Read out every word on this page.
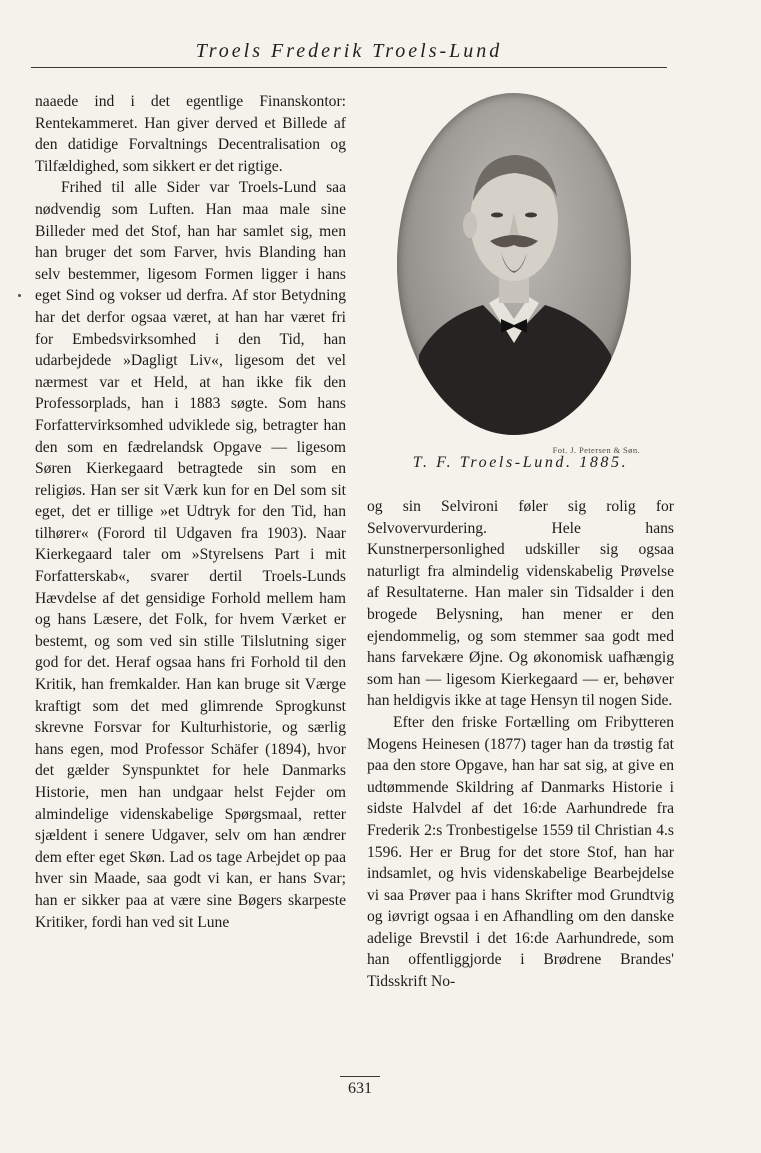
Troels Frederik Troels-Lund

naaede ind i det egentlige Finanskontor: Rentekammeret. Han giver derved et Billede af den datidige Forvaltnings Decentralisation og Tilfældighed, som sikkert er det rigtige.

Frihed til alle Sider var Troels-Lund saa nødvendig som Luften. Han maa male sine Billeder med det Stof, han har samlet sig, men han bruger det som Farver, hvis Blanding han selv bestemmer, ligesom Formen ligger i hans eget Sind og vokser ud derfra. Af stor Betydning har det derfor ogsaa været, at han har været fri for Embedsvirksomhed i den Tid, han udarbejdede »Dagligt Liv«, ligesom det vel nærmest var et Held, at han ikke fik den Professorplads, han i 1883 søgte. Som hans Forfattervirksomhed udviklede sig, betragter han den som en fædrelandsk Opgave — ligesom Søren Kierkegaard betragtede sin som en religiøs. Han ser sit Værk kun for en Del som sit eget, det er tillige »et Udtryk for den Tid, han tilhører« (Forord til Udgaven fra 1903). Naar Kierkegaard taler om »Styrelsens Part i mit Forfatterskab«, svarer dertil Troels-Lunds Hævdelse af det gensidige Forhold mellem ham og hans Læsere, det Folk, for hvem Værket er bestemt, og som ved sin stille Tilslutning siger god for det. Heraf ogsaa hans fri Forhold til den Kritik, han fremkalder. Han kan bruge sit Værge kraftigt som det med glimrende Sprogkunst skrevne Forsvar for Kulturhistorie, og særlig hans egen, mod Professor Schäfer (1894), hvor det gælder Synspunktet for hele Danmarks Historie, men han undgaar helst Fejder om almindelige videnskabelige Spørgsmaal, retter sjældent i senere Udgaver, selv om han ændrer dem efter eget Skøn. Lad os tage Arbejdet op paa hver sin Maade, saa godt vi kan, er hans Svar; han er sikker paa at være sine Bøgers skarpeste Kritiker, fordi han ved sit Lune

Fot. J. Petersen & Søn.
T. F. Troels-Lund. 1885.

og sin Selvironi føler sig rolig for Selvovervurdering. Hele hans Kunstnerpersonlighed udskiller sig ogsaa naturligt fra almindelig videnskabelig Prøvelse af Resultaterne. Han maler sin Tidsalder i den brogede Belysning, han mener er den ejendommelig, og som stemmer saa godt med hans farvekære Øjne. Og økonomisk uafhængig som han — ligesom Kierkegaard — er, behøver han heldigvis ikke at tage Hensyn til nogen Side.

Efter den friske Fortælling om Fribytteren Mogens Heinesen (1877) tager han da trøstig fat paa den store Opgave, han har sat sig, at give en udtømmende Skildring af Danmarks Historie i sidste Halvdel af det 16:de Aarhundrede fra Frederik 2:s Tronbestigelse 1559 til Christian 4.s 1596. Her er Brug for det store Stof, han har indsamlet, og hvis videnskabelige Bearbejdelse vi saa Prøver paa i hans Skrifter mod Grundtvig og iøvrigt ogsaa i en Afhandling om den danske adelige Brevstil i det 16:de Aarhundrede, som han offentliggjorde i Brødrene Brandes' Tidsskrift No-

631
